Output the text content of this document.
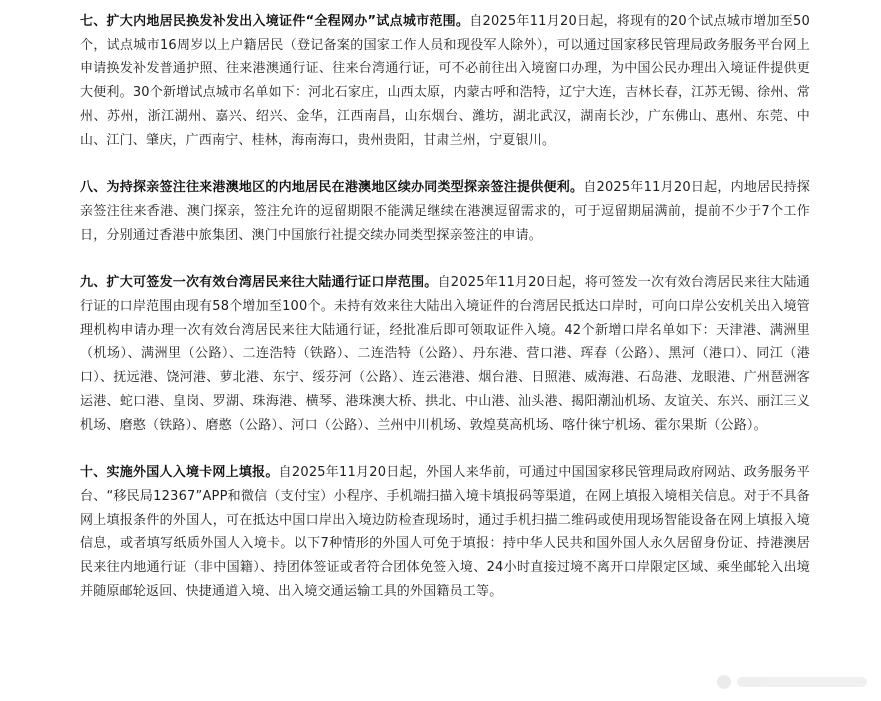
七、扩大内地居民换发补发出入境证件“全程网办”试点城市范围。自2025年11月20日起，将现有的20个试点城市增加至50个，试点城市16周岁以上户籍居民（登记备案的国家工作人员和现役军人除外），可以通过国家移民管理局政务服务平台网上申请换发补发普通护照、往来港澳通行证、往来台湾通行证，可不必前往出入境窗口办理，为中国公民办理出入境证件提供更大便利。30个新增试点城市名单如下：河北石家庄，山西太原，内蒙古呼和浩特，辽宁大连，吉林长春，江苏无锡、徐州、常州、苏州，浙江湖州、嘉兴、绍兴、金华，江西南昌，山东烟台、潍坊，湖北武汉，湖南长沙，广东佛山、惠州、东莞、中山、江门、肇庆，广西南宁、桂林，海南海口，贵州贵阳，甘肃兰州，宁夏银川。

八、为持探亲签注往来港澳地区的内地居民在港澳地区续办同类型探亲签注提供便利。自2025年11月20日起，内地居民持探亲签注往来香港、澳门探亲，签注允许的逗留期限不能满足继续在港澳逗留需求的，可于逗留期届满前，提前不少于7个工作日，分别通过香港中旅集团、澳门中国旅行社提交续办同类型探亲签注的申请。

九、扩大可签发一次有效台湾居民来往大陆通行证口岸范围。自2025年11月20日起，将可签发一次有效台湾居民来往大陆通行证的口岸范围由现有58个增加至100个。未持有效来往大陆出入境证件的台湾居民抵达口岸时，可向口岸公安机关出入境管理机构申请办理一次有效台湾居民来往大陆通行证，经批准后即可领取证件入境。42个新增口岸名单如下：天津港、满洲里（机场）、满洲里（公路）、二连浩特（铁路）、二连浩特（公路）、丹东港、营口港、珲春（公路）、黑河（港口）、同江（港口）、抚远港、饶河港、萝北港、东宁、绥芬河（公路）、连云港港、烟台港、日照港、威海港、石岛港、龙眼港、广州琶洲客运港、蛇口港、皇岗、罗湖、珠海港、横琴、港珠澳大桥、拱北、中山港、汕头港、揭阳潮汕机场、友谊关、东兴、丽江三义机场、磨憨（铁路）、磨憨（公路）、河口（公路）、兰州中川机场、敦煌莫高机场、喀什徕宁机场、霍尔果斯（公路）。

十、实施外国人入境卡网上填报。自2025年11月20日起，外国人来华前，可通过中国国家移民管理局政府网站、政务服务平台、“移民局12367”APP和微信（支付宝）小程序、手机端扫描入境卡填报码等渠道，在网上填报入境相关信息。对于不具备网上填报条件的外国人，可在抵达中国口岸出入境边防检查现场时，通过手机扫描二维码或使用现场智能设备在网上填报入境信息，或者填写纸质外国人入境卡。以下7种情形的外国人可免于填报：持中华人民共和国外国人永久居留身份证、持港澳居民来往内地通行证（非中国籍）、持团体签证或者符合团体免签入境、24小时直接过境不离开口岸限定区域、乘坐邮轮入出境并随原邮轮返回、快捷通道入境、出入境交通运输工具的外国籍员工等。
